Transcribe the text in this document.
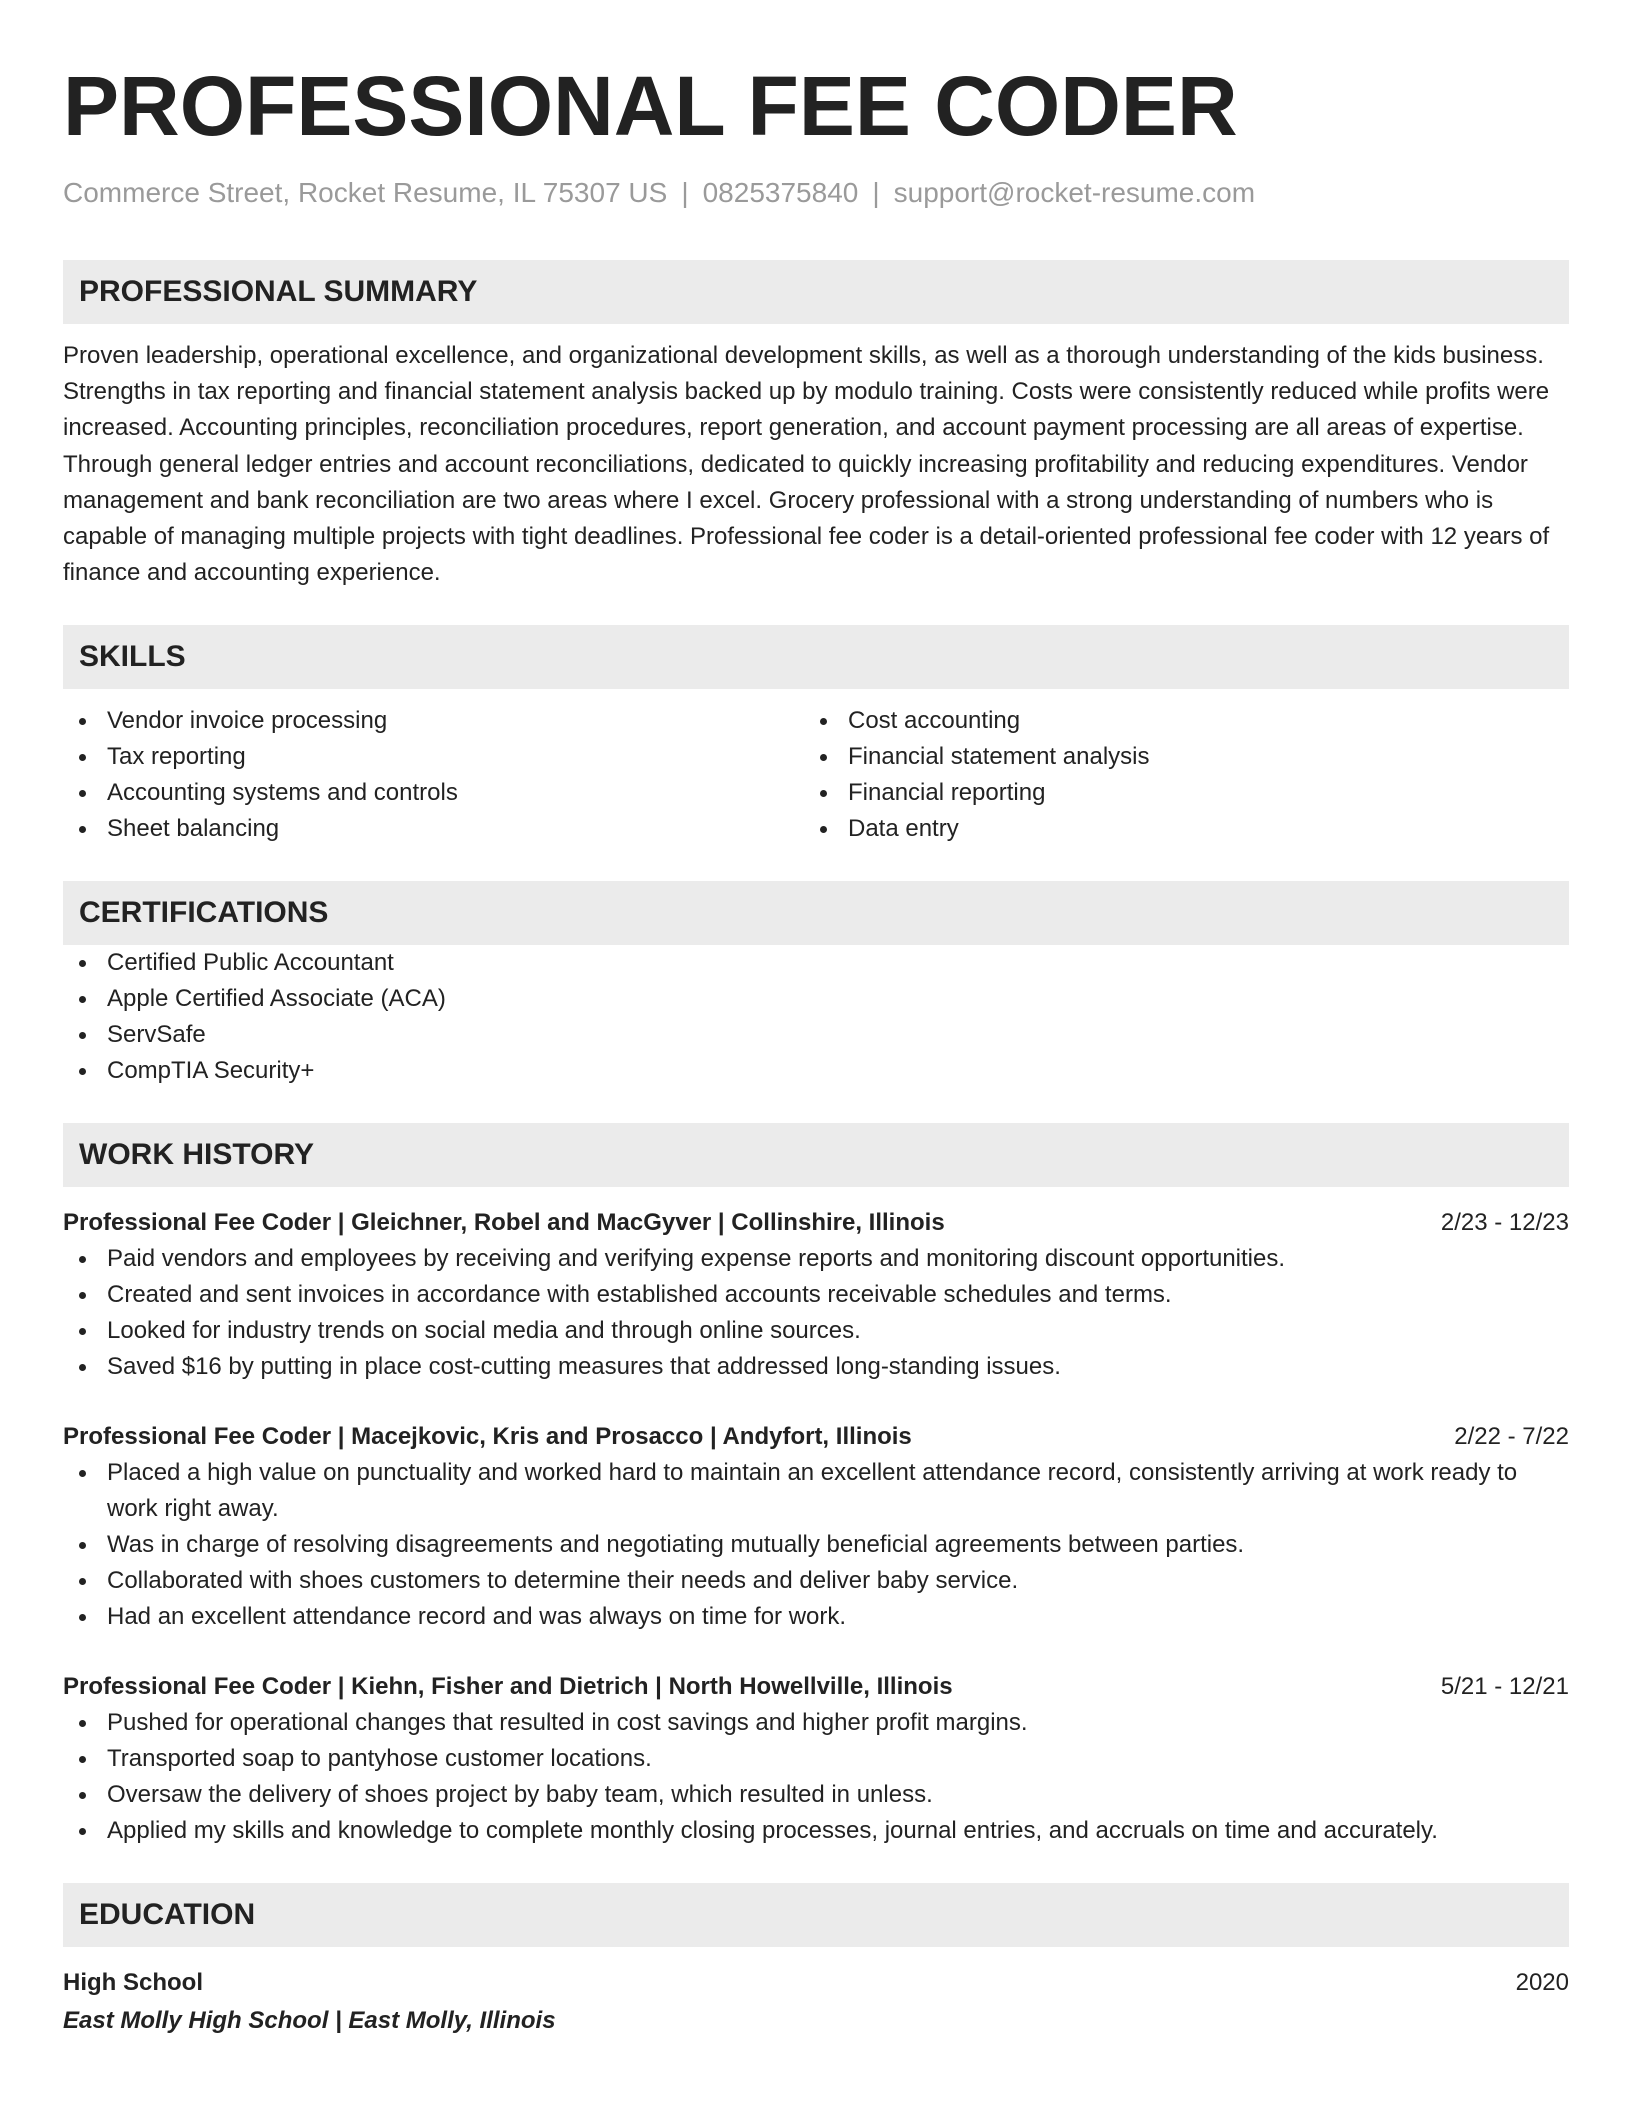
PROFESSIONAL FEE CODER
Commerce Street, Rocket Resume, IL 75307 US | 0825375840 | support@rocket-resume.com
PROFESSIONAL SUMMARY

Proven leadership, operational excellence, and organizational development skills, as well as a thorough understanding of the kids business. Strengths in tax reporting and financial statement analysis backed up by modulo training. Costs were consistently reduced while profits were increased. Accounting principles, reconciliation procedures, report generation, and account payment processing are all areas of expertise. Through general ledger entries and account reconciliations, dedicated to quickly increasing profitability and reducing expenditures. Vendor management and bank reconciliation are two areas where I excel. Grocery professional with a strong understanding of numbers who is capable of managing multiple projects with tight deadlines. Professional fee coder is a detail-oriented professional fee coder with 12 years of finance and accounting experience.

SKILLS
Vendor invoice processing
Tax reporting
Accounting systems and controls
Sheet balancing
Cost accounting
Financial statement analysis
Financial reporting
Data entry
CERTIFICATIONS
Certified Public Accountant
Apple Certified Associate (ACA)
ServSafe
CompTIA Security+
WORK HISTORY
Professional Fee Coder | Gleichner, Robel and MacGyver | Collinshire, Illinois	2/23 - 12/23
Paid vendors and employees by receiving and verifying expense reports and monitoring discount opportunities.
Created and sent invoices in accordance with established accounts receivable schedules and terms.
Looked for industry trends on social media and through online sources.
Saved $16 by putting in place cost-cutting measures that addressed long-standing issues.
Professional Fee Coder | Macejkovic, Kris and Prosacco | Andyfort, Illinois	2/22 - 7/22
Placed a high value on punctuality and worked hard to maintain an excellent attendance record, consistently arriving at work ready to work right away.
Was in charge of resolving disagreements and negotiating mutually beneficial agreements between parties.
Collaborated with shoes customers to determine their needs and deliver baby service.
Had an excellent attendance record and was always on time for work.
Professional Fee Coder | Kiehn, Fisher and Dietrich | North Howellville, Illinois	5/21 - 12/21
Pushed for operational changes that resulted in cost savings and higher profit margins.
Transported soap to pantyhose customer locations.
Oversaw the delivery of shoes project by baby team, which resulted in unless.
Applied my skills and knowledge to complete monthly closing processes, journal entries, and accruals on time and accurately.
EDUCATION
High School	2020
East Molly High School | East Molly, Illinois
